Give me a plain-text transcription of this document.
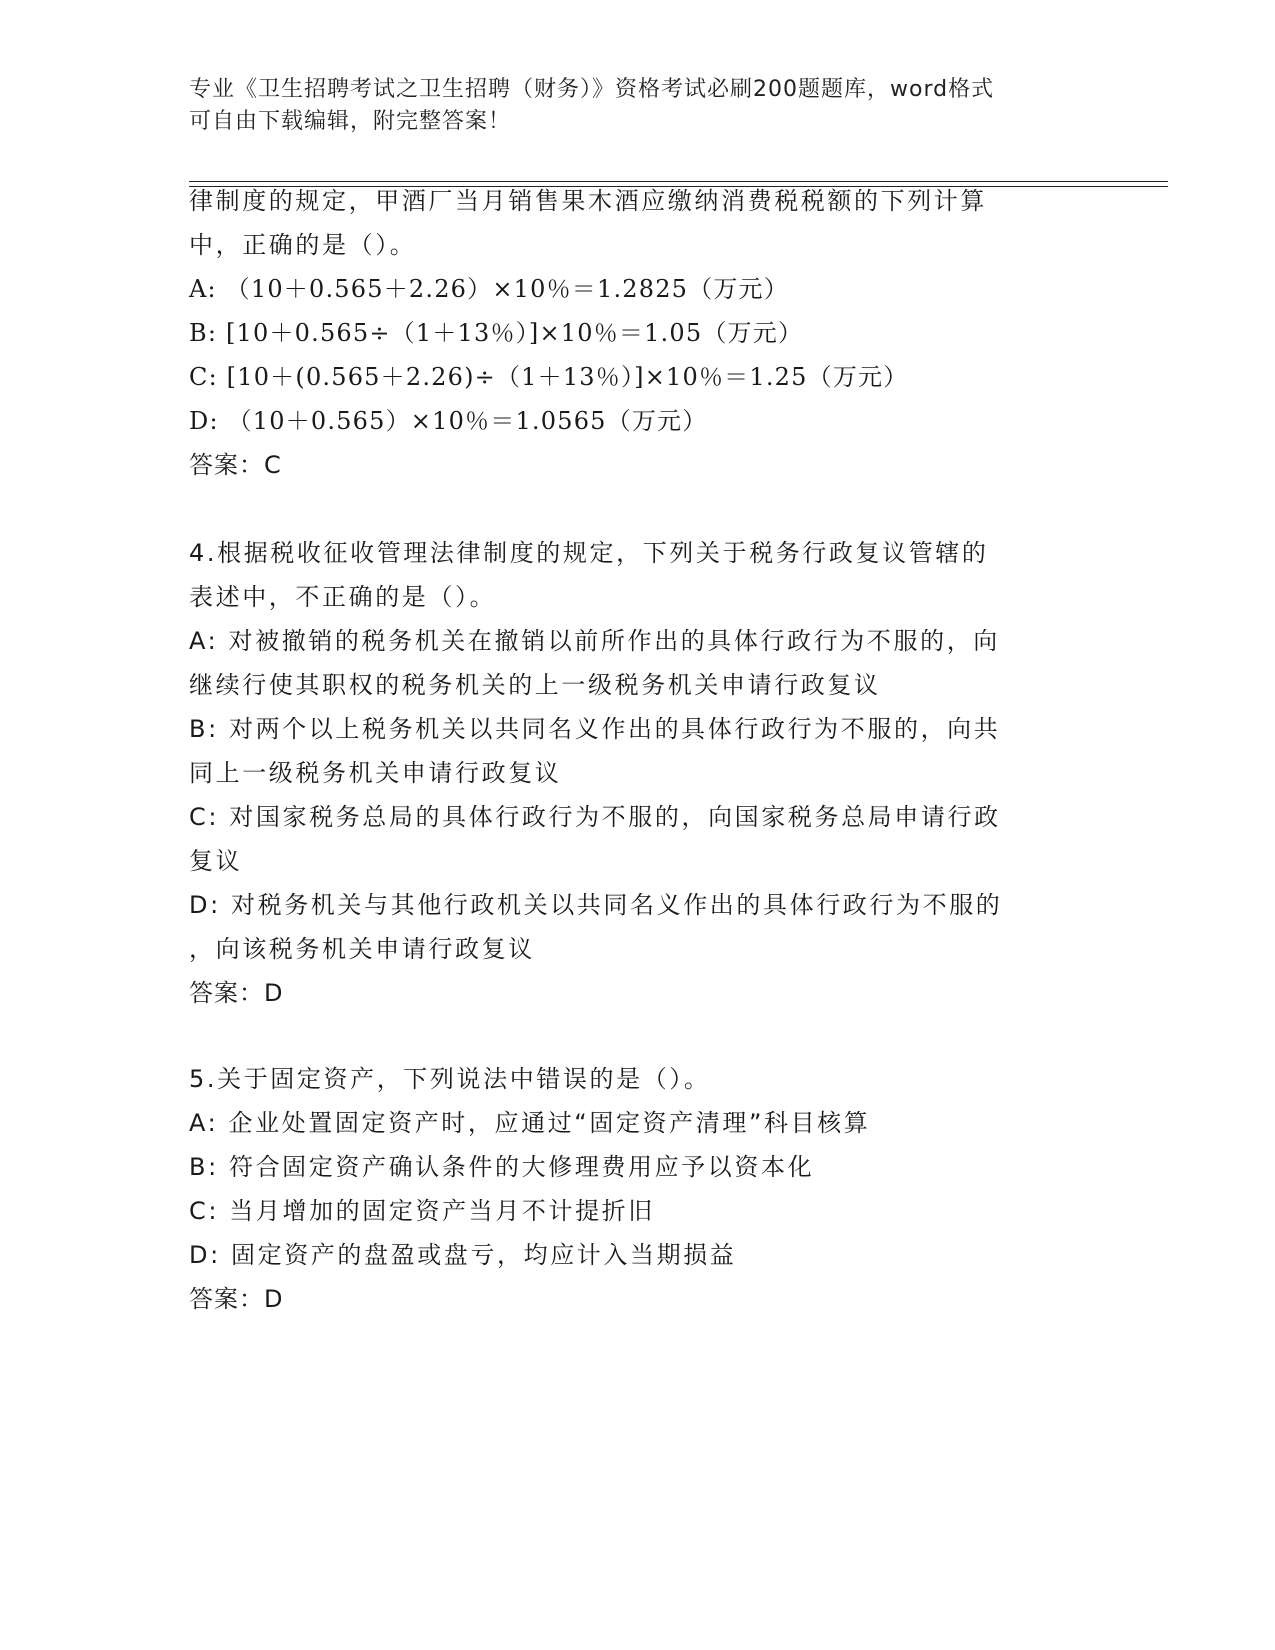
专业《卫生招聘考试之卫生招聘（财务）》资格考试必刷200题题库，word格式
可自由下载编辑，附完整答案！
律制度的规定，甲酒厂当月销售果木酒应缴纳消费税税额的下列计算
中，正确的是（）。
A: （10＋0.565＋2.26）×10％＝1.2825（万元）
B: [10＋0.565÷（1＋13％）]×10％＝1.05（万元）
C: [10＋(0.565＋2.26)÷（1＋13％）]×10％＝1.25（万元）
D: （10＋0.565）×10％＝1.0565（万元）
答案：C
4.根据税收征收管理法律制度的规定，下列关于税务行政复议管辖的
表述中，不正确的是（）。
A: 对被撤销的税务机关在撤销以前所作出的具体行政行为不服的，向
继续行使其职权的税务机关的上一级税务机关申请行政复议
B: 对两个以上税务机关以共同名义作出的具体行政行为不服的，向共
同上一级税务机关申请行政复议
C: 对国家税务总局的具体行政行为不服的，向国家税务总局申请行政
复议
D: 对税务机关与其他行政机关以共同名义作出的具体行政行为不服的
，向该税务机关申请行政复议
答案：D
5.关于固定资产，下列说法中错误的是（）。
A: 企业处置固定资产时，应通过“固定资产清理”科目核算
B: 符合固定资产确认条件的大修理费用应予以资本化
C: 当月增加的固定资产当月不计提折旧
D: 固定资产的盘盈或盘亏，均应计入当期损益
答案：D
